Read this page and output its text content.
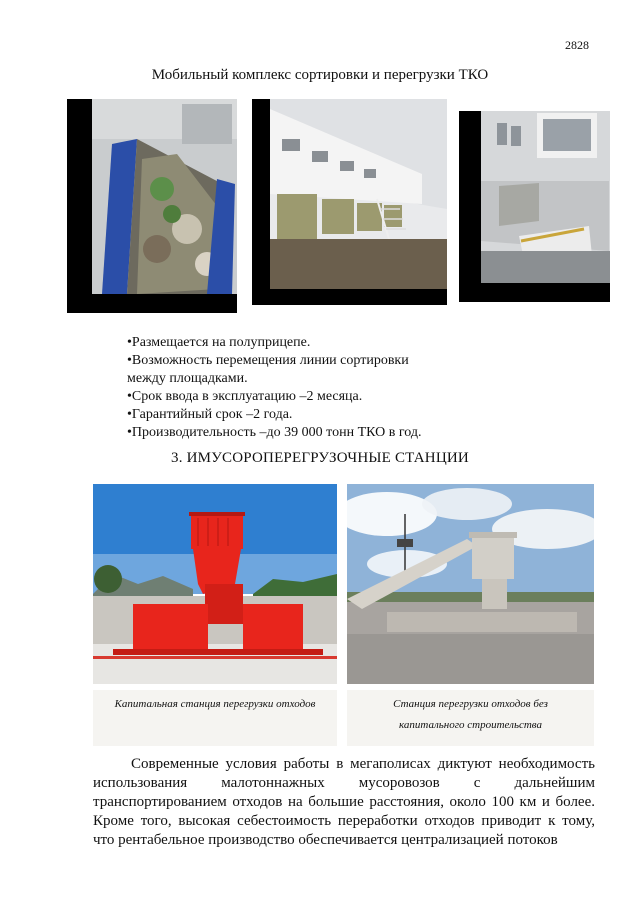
2828
Мобильный комплекс сортировки и перегрузки ТКО
•Размещается на полуприцепе.
•Возможность перемещения линии сортировки
между площадками.
•Срок ввода в эксплуатацию –2 месяца.
•Гарантийный срок –2 года.
•Производительность –до 39 000 тонн ТКО в год.
3. ИМУСОРОПЕРЕГРУЗОЧНЫЕ СТАНЦИИ
Капитальная станция перегрузки отходов	Станция перегрузки отходов без
капитального строительства

Современные условия работы в мегаполисах диктуют необходимость использования малотоннажных мусоровозов с дальнейшим транспортированием отходов на большие расстояния, около 100 км и более. Кроме того, высокая себестоимость переработки отходов приводит к тому, что рентабельное производство обеспечивается централизацией потоков
